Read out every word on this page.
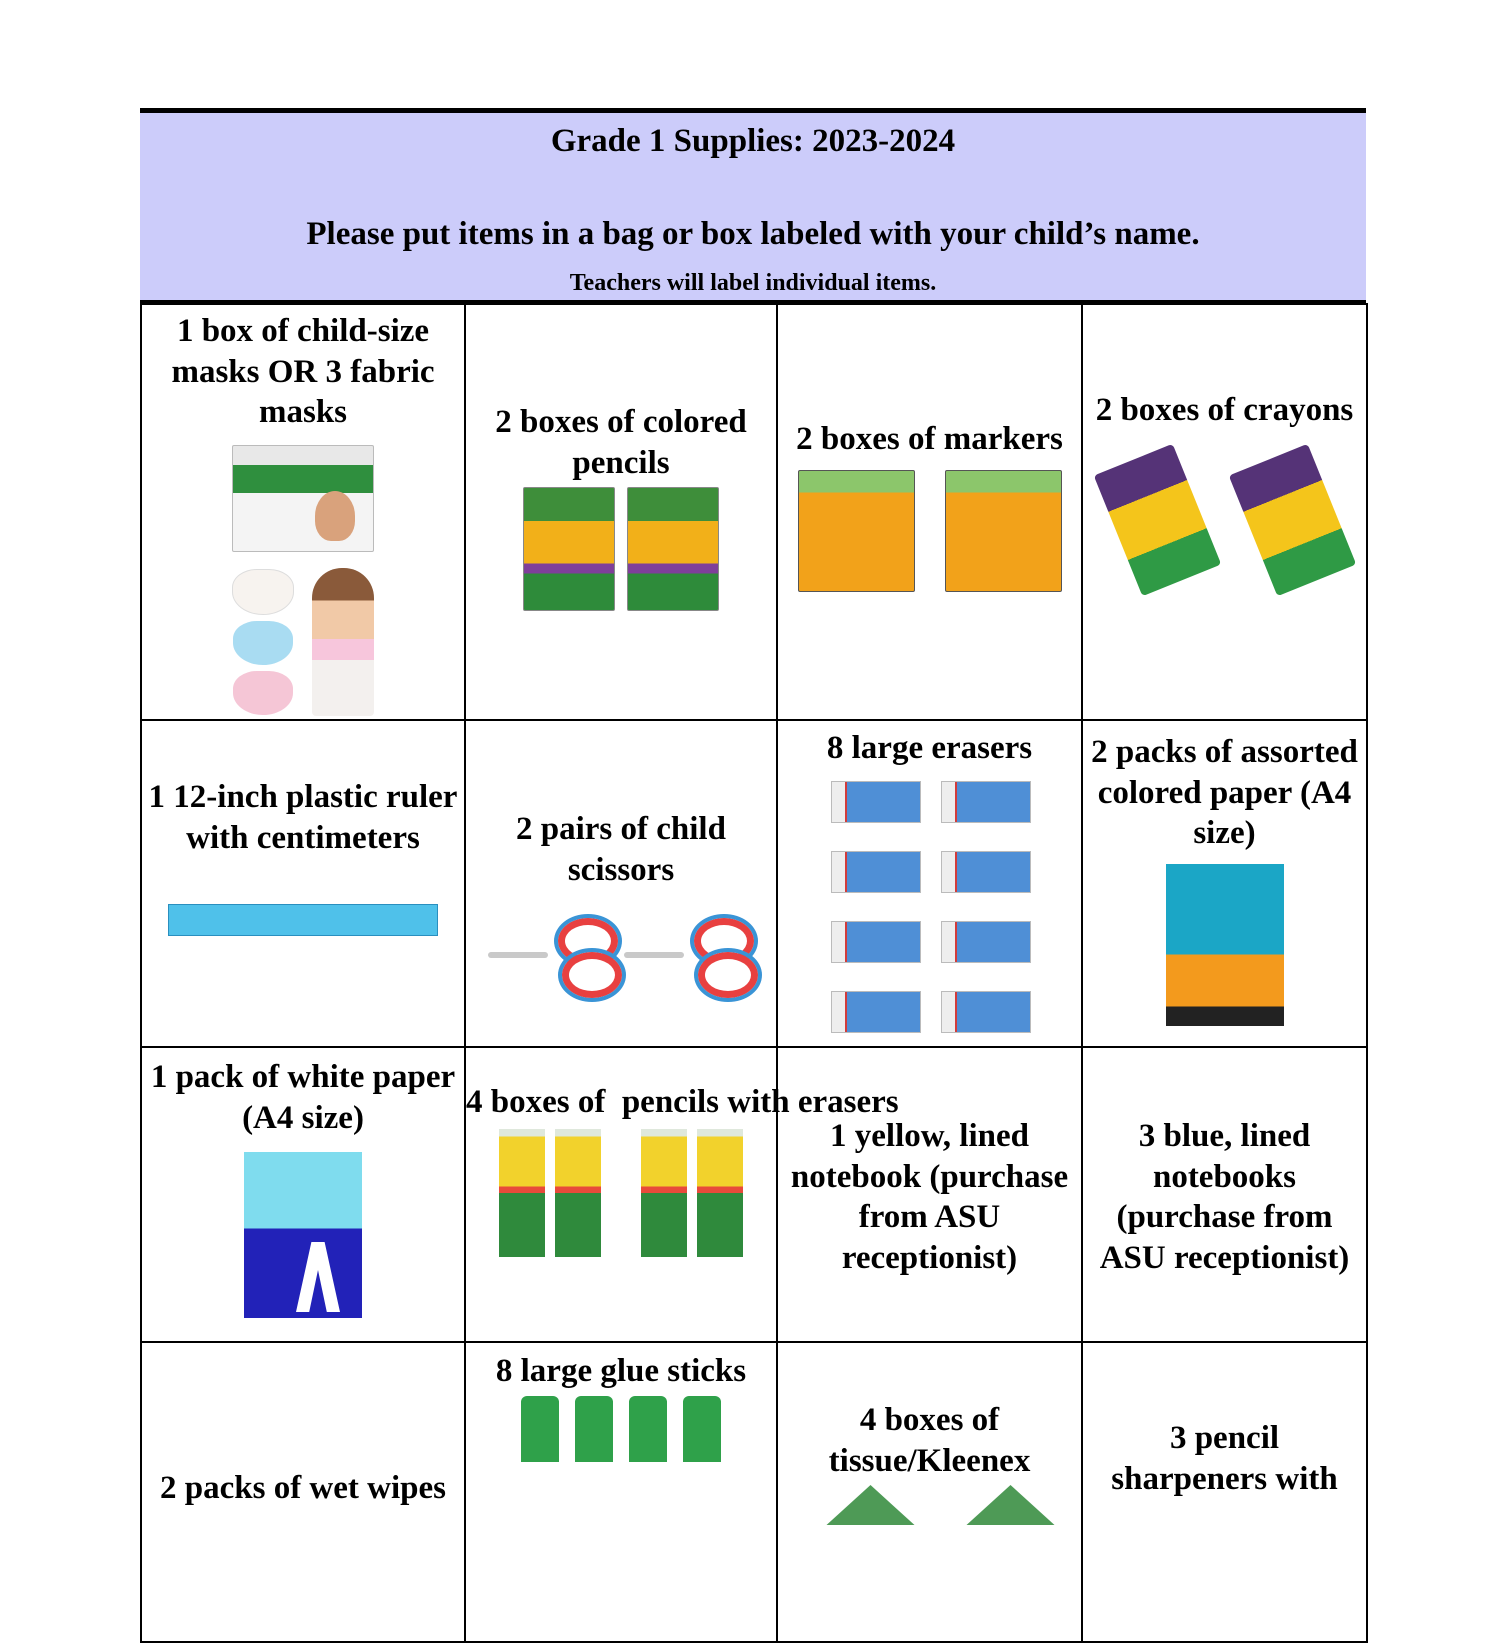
Grade 1 Supplies: 2023-2024
Please put items in a bag or box labeled with your child’s name.
Teachers will label individual items.
1 box of child-size masks OR 3 fabric masks	2 boxes of colored pencils	2 boxes of markers	2 boxes of crayons

1 12-inch plastic ruler with centimeters	2 pairs of child scissors	8 large erasers	2 packs of assorted colored paper (A4 size)

1 pack of white paper (A4 size)	4 boxes of  pencils with erasers	1 yellow, lined notebook (purchase from ASU receptionist)	3 blue, lined notebooks (purchase from ASU receptionist)

2 packs of wet wipes	8 large glue sticks	4 boxes of tissue/Kleenex	3 pencil sharpeners with
